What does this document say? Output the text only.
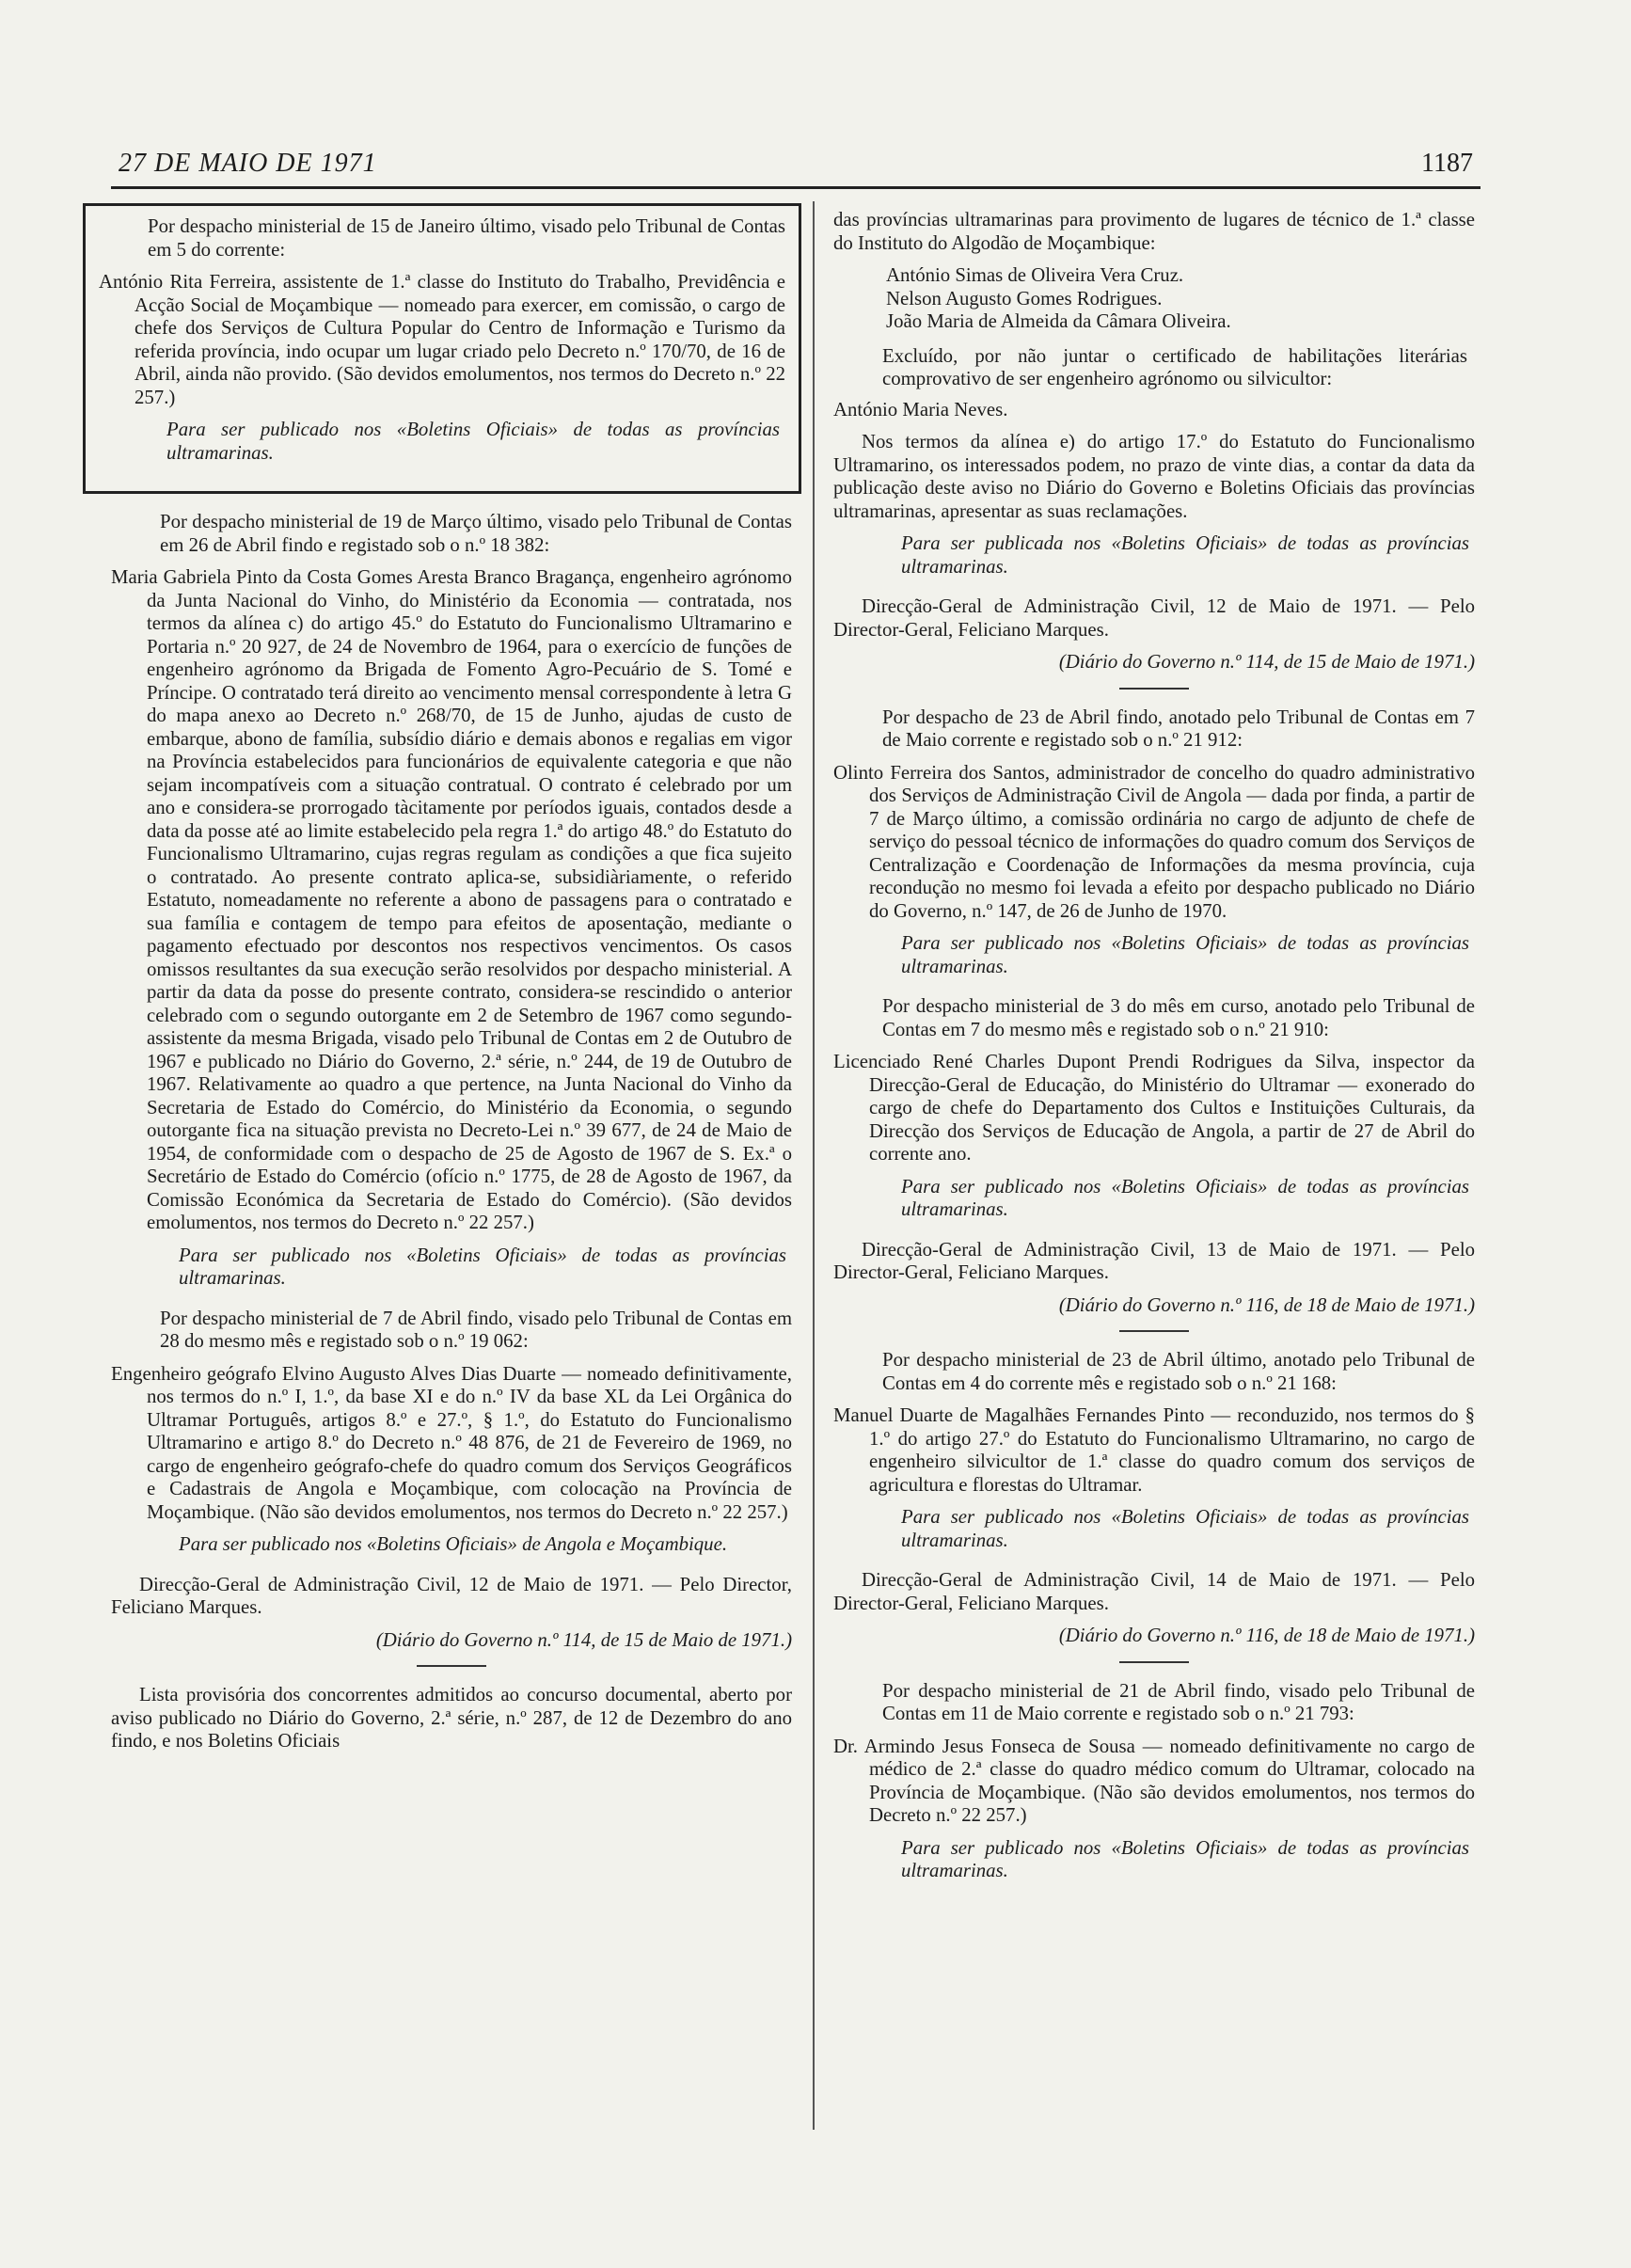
27 DE MAIO DE 1971	1187

Por despacho ministerial de 15 de Janeiro último, visado pelo Tribunal de Contas em 5 do corrente:

António Rita Ferreira, assistente de 1.ª classe do Instituto do Trabalho, Previdência e Acção Social de Moçambique — nomeado para exercer, em comissão, o cargo de chefe dos Serviços de Cultura Popular do Centro de Informação e Turismo da referida província, indo ocupar um lugar criado pelo Decreto n.º 170/70, de 16 de Abril, ainda não provido. (São devidos emolumentos, nos termos do Decreto n.º 22 257.)

Para ser publicado nos «Boletins Oficiais» de todas as províncias ultramarinas.

Por despacho ministerial de 19 de Março último, visado pelo Tribunal de Contas em 26 de Abril findo e registado sob o n.º 18 382:

Maria Gabriela Pinto da Costa Gomes Aresta Branco Bragança, engenheiro agrónomo da Junta Nacional do Vinho, do Ministério da Economia — contratada, nos termos da alínea c) do artigo 45.º do Estatuto do Funcionalismo Ultramarino e Portaria n.º 20 927, de 24 de Novembro de 1964, para o exercício de funções de engenheiro agrónomo da Brigada de Fomento Agro-Pecuário de S. Tomé e Príncipe. O contratado terá direito ao vencimento mensal correspondente à letra G do mapa anexo ao Decreto n.º 268/70, de 15 de Junho, ajudas de custo de embarque, abono de família, subsídio diário e demais abonos e regalias em vigor na Província estabelecidos para funcionários de equivalente categoria e que não sejam incompatíveis com a situação contratual. O contrato é celebrado por um ano e considera-se prorrogado tàcitamente por períodos iguais, contados desde a data da posse até ao limite estabelecido pela regra 1.ª do artigo 48.º do Estatuto do Funcionalismo Ultramarino, cujas regras regulam as condições a que fica sujeito o contratado. Ao presente contrato aplica-se, subsidiàriamente, o referido Estatuto, nomeadamente no referente a abono de passagens para o contratado e sua família e contagem de tempo para efeitos de aposentação, mediante o pagamento efectuado por descontos nos respectivos vencimentos. Os casos omissos resultantes da sua execução serão resolvidos por despacho ministerial. A partir da data da posse do presente contrato, considera-se rescindido o anterior celebrado com o segundo outorgante em 2 de Setembro de 1967 como segundo-assistente da mesma Brigada, visado pelo Tribunal de Contas em 2 de Outubro de 1967 e publicado no Diário do Governo, 2.ª série, n.º 244, de 19 de Outubro de 1967. Relativamente ao quadro a que pertence, na Junta Nacional do Vinho da Secretaria de Estado do Comércio, do Ministério da Economia, o segundo outorgante fica na situação prevista no Decreto-Lei n.º 39 677, de 24 de Maio de 1954, de conformidade com o despacho de 25 de Agosto de 1967 de S. Ex.ª o Secretário de Estado do Comércio (ofício n.º 1775, de 28 de Agosto de 1967, da Comissão Económica da Secretaria de Estado do Comércio). (São devidos emolumentos, nos termos do Decreto n.º 22 257.)

Para ser publicado nos «Boletins Oficiais» de todas as províncias ultramarinas.

Por despacho ministerial de 7 de Abril findo, visado pelo Tribunal de Contas em 28 do mesmo mês e registado sob o n.º 19 062:

Engenheiro geógrafo Elvino Augusto Alves Dias Duarte — nomeado definitivamente, nos termos do n.º I, 1.º, da base XI e do n.º IV da base XL da Lei Orgânica do Ultramar Português, artigos 8.º e 27.º, § 1.º, do Estatuto do Funcionalismo Ultramarino e artigo 8.º do Decreto n.º 48 876, de 21 de Fevereiro de 1969, no cargo de engenheiro geógrafo-chefe do quadro comum dos Serviços Geográficos e Cadastrais de Angola e Moçambique, com colocação na Província de Moçambique. (Não são devidos emolumentos, nos termos do Decreto n.º 22 257.)

Para ser publicado nos «Boletins Oficiais» de Angola e Moçambique.

Direcção-Geral de Administração Civil, 12 de Maio de 1971. — Pelo Director, Feliciano Marques.

(Diário do Governo n.º 114, de 15 de Maio de 1971.)

Lista provisória dos concorrentes admitidos ao concurso documental, aberto por aviso publicado no Diário do Governo, 2.ª série, n.º 287, de 12 de Dezembro do ano findo, e nos Boletins Oficiais

das províncias ultramarinas para provimento de lugares de técnico de 1.ª classe do Instituto do Algodão de Moçambique:

António Simas de Oliveira Vera Cruz.

Nelson Augusto Gomes Rodrigues.

João Maria de Almeida da Câmara Oliveira.

Excluído, por não juntar o certificado de habilitações literárias comprovativo de ser engenheiro agrónomo ou silvicultor:

António Maria Neves.

Nos termos da alínea e) do artigo 17.º do Estatuto do Funcionalismo Ultramarino, os interessados podem, no prazo de vinte dias, a contar da data da publicação deste aviso no Diário do Governo e Boletins Oficiais das províncias ultramarinas, apresentar as suas reclamações.

Para ser publicada nos «Boletins Oficiais» de todas as províncias ultramarinas.

Direcção-Geral de Administração Civil, 12 de Maio de 1971. — Pelo Director-Geral, Feliciano Marques.

(Diário do Governo n.º 114, de 15 de Maio de 1971.)

Por despacho de 23 de Abril findo, anotado pelo Tribunal de Contas em 7 de Maio corrente e registado sob o n.º 21 912:

Olinto Ferreira dos Santos, administrador de concelho do quadro administrativo dos Serviços de Administração Civil de Angola — dada por finda, a partir de 7 de Março último, a comissão ordinária no cargo de adjunto de chefe de serviço do pessoal técnico de informações do quadro comum dos Serviços de Centralização e Coordenação de Informações da mesma província, cuja recondução no mesmo foi levada a efeito por despacho publicado no Diário do Governo, n.º 147, de 26 de Junho de 1970.

Para ser publicado nos «Boletins Oficiais» de todas as províncias ultramarinas.

Por despacho ministerial de 3 do mês em curso, anotado pelo Tribunal de Contas em 7 do mesmo mês e registado sob o n.º 21 910:

Licenciado René Charles Dupont Prendi Rodrigues da Silva, inspector da Direcção-Geral de Educação, do Ministério do Ultramar — exonerado do cargo de chefe do Departamento dos Cultos e Instituições Culturais, da Direcção dos Serviços de Educação de Angola, a partir de 27 de Abril do corrente ano.

Para ser publicado nos «Boletins Oficiais» de todas as províncias ultramarinas.

Direcção-Geral de Administração Civil, 13 de Maio de 1971. — Pelo Director-Geral, Feliciano Marques.

(Diário do Governo n.º 116, de 18 de Maio de 1971.)

Por despacho ministerial de 23 de Abril último, anotado pelo Tribunal de Contas em 4 do corrente mês e registado sob o n.º 21 168:

Manuel Duarte de Magalhães Fernandes Pinto — reconduzido, nos termos do § 1.º do artigo 27.º do Estatuto do Funcionalismo Ultramarino, no cargo de engenheiro silvicultor de 1.ª classe do quadro comum dos serviços de agricultura e florestas do Ultramar.

Para ser publicado nos «Boletins Oficiais» de todas as províncias ultramarinas.

Direcção-Geral de Administração Civil, 14 de Maio de 1971. — Pelo Director-Geral, Feliciano Marques.

(Diário do Governo n.º 116, de 18 de Maio de 1971.)

Por despacho ministerial de 21 de Abril findo, visado pelo Tribunal de Contas em 11 de Maio corrente e registado sob o n.º 21 793:

Dr. Armindo Jesus Fonseca de Sousa — nomeado definitivamente no cargo de médico de 2.ª classe do quadro médico comum do Ultramar, colocado na Província de Moçambique. (Não são devidos emolumentos, nos termos do Decreto n.º 22 257.)

Para ser publicado nos «Boletins Oficiais» de todas as províncias ultramarinas.
